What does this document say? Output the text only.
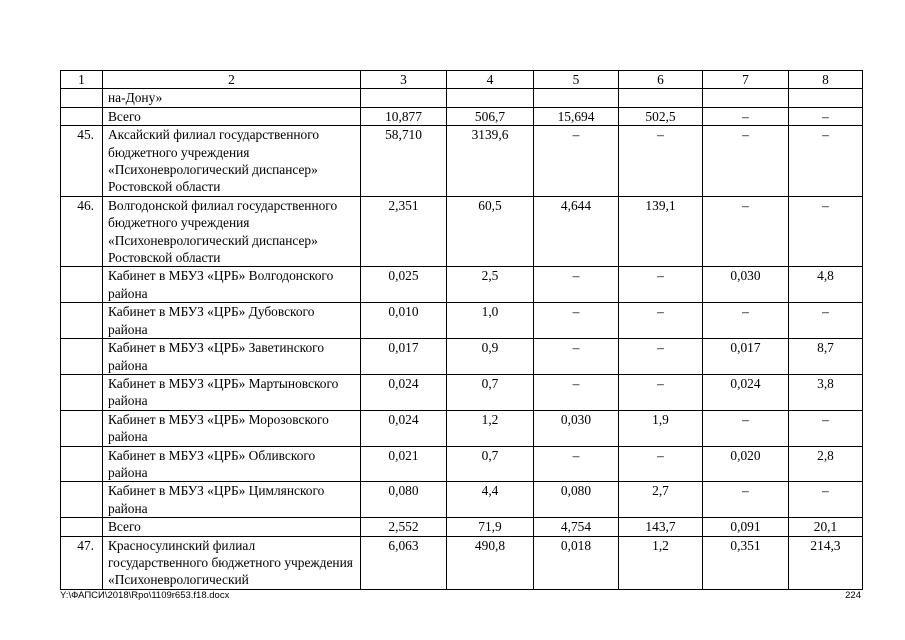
1	2	3	4	5	6	7	8
	на-Дону»						
	Всего	10,877	506,7	15,694	502,5	–	–
45.	Аксайский филиал государственного бюджетного учреждения «Психоневрологический диспансер» Ростовской области	58,710	3139,6	–	–	–	–
46.	Волгодонской филиал государственного бюджетного учреждения «Психоневрологический диспансер» Ростовской области	2,351	60,5	4,644	139,1	–	–
	Кабинет в МБУЗ «ЦРБ» Волгодонского района	0,025	2,5	–	–	0,030	4,8
	Кабинет в МБУЗ «ЦРБ» Дубовского района	0,010	1,0	–	–	–	–
	Кабинет в МБУЗ «ЦРБ» Заветинского района	0,017	0,9	–	–	0,017	8,7
	Кабинет в МБУЗ «ЦРБ» Мартыновского района	0,024	0,7	–	–	0,024	3,8
	Кабинет в МБУЗ «ЦРБ» Морозовского района	0,024	1,2	0,030	1,9	–	–
	Кабинет в МБУЗ «ЦРБ» Обливского района	0,021	0,7	–	–	0,020	2,8
	Кабинет в МБУЗ «ЦРБ» Цимлянского района	0,080	4,4	0,080	2,7	–	–
	Всего	2,552	71,9	4,754	143,7	0,091	20,1
47.	Красносулинский филиал государственного бюджетного учреждения «Психоневрологический	6,063	490,8	0,018	1,2	0,351	214,3
Y:\ФАПСИ\2018\Rpo\1109r653.f18.docx	224
